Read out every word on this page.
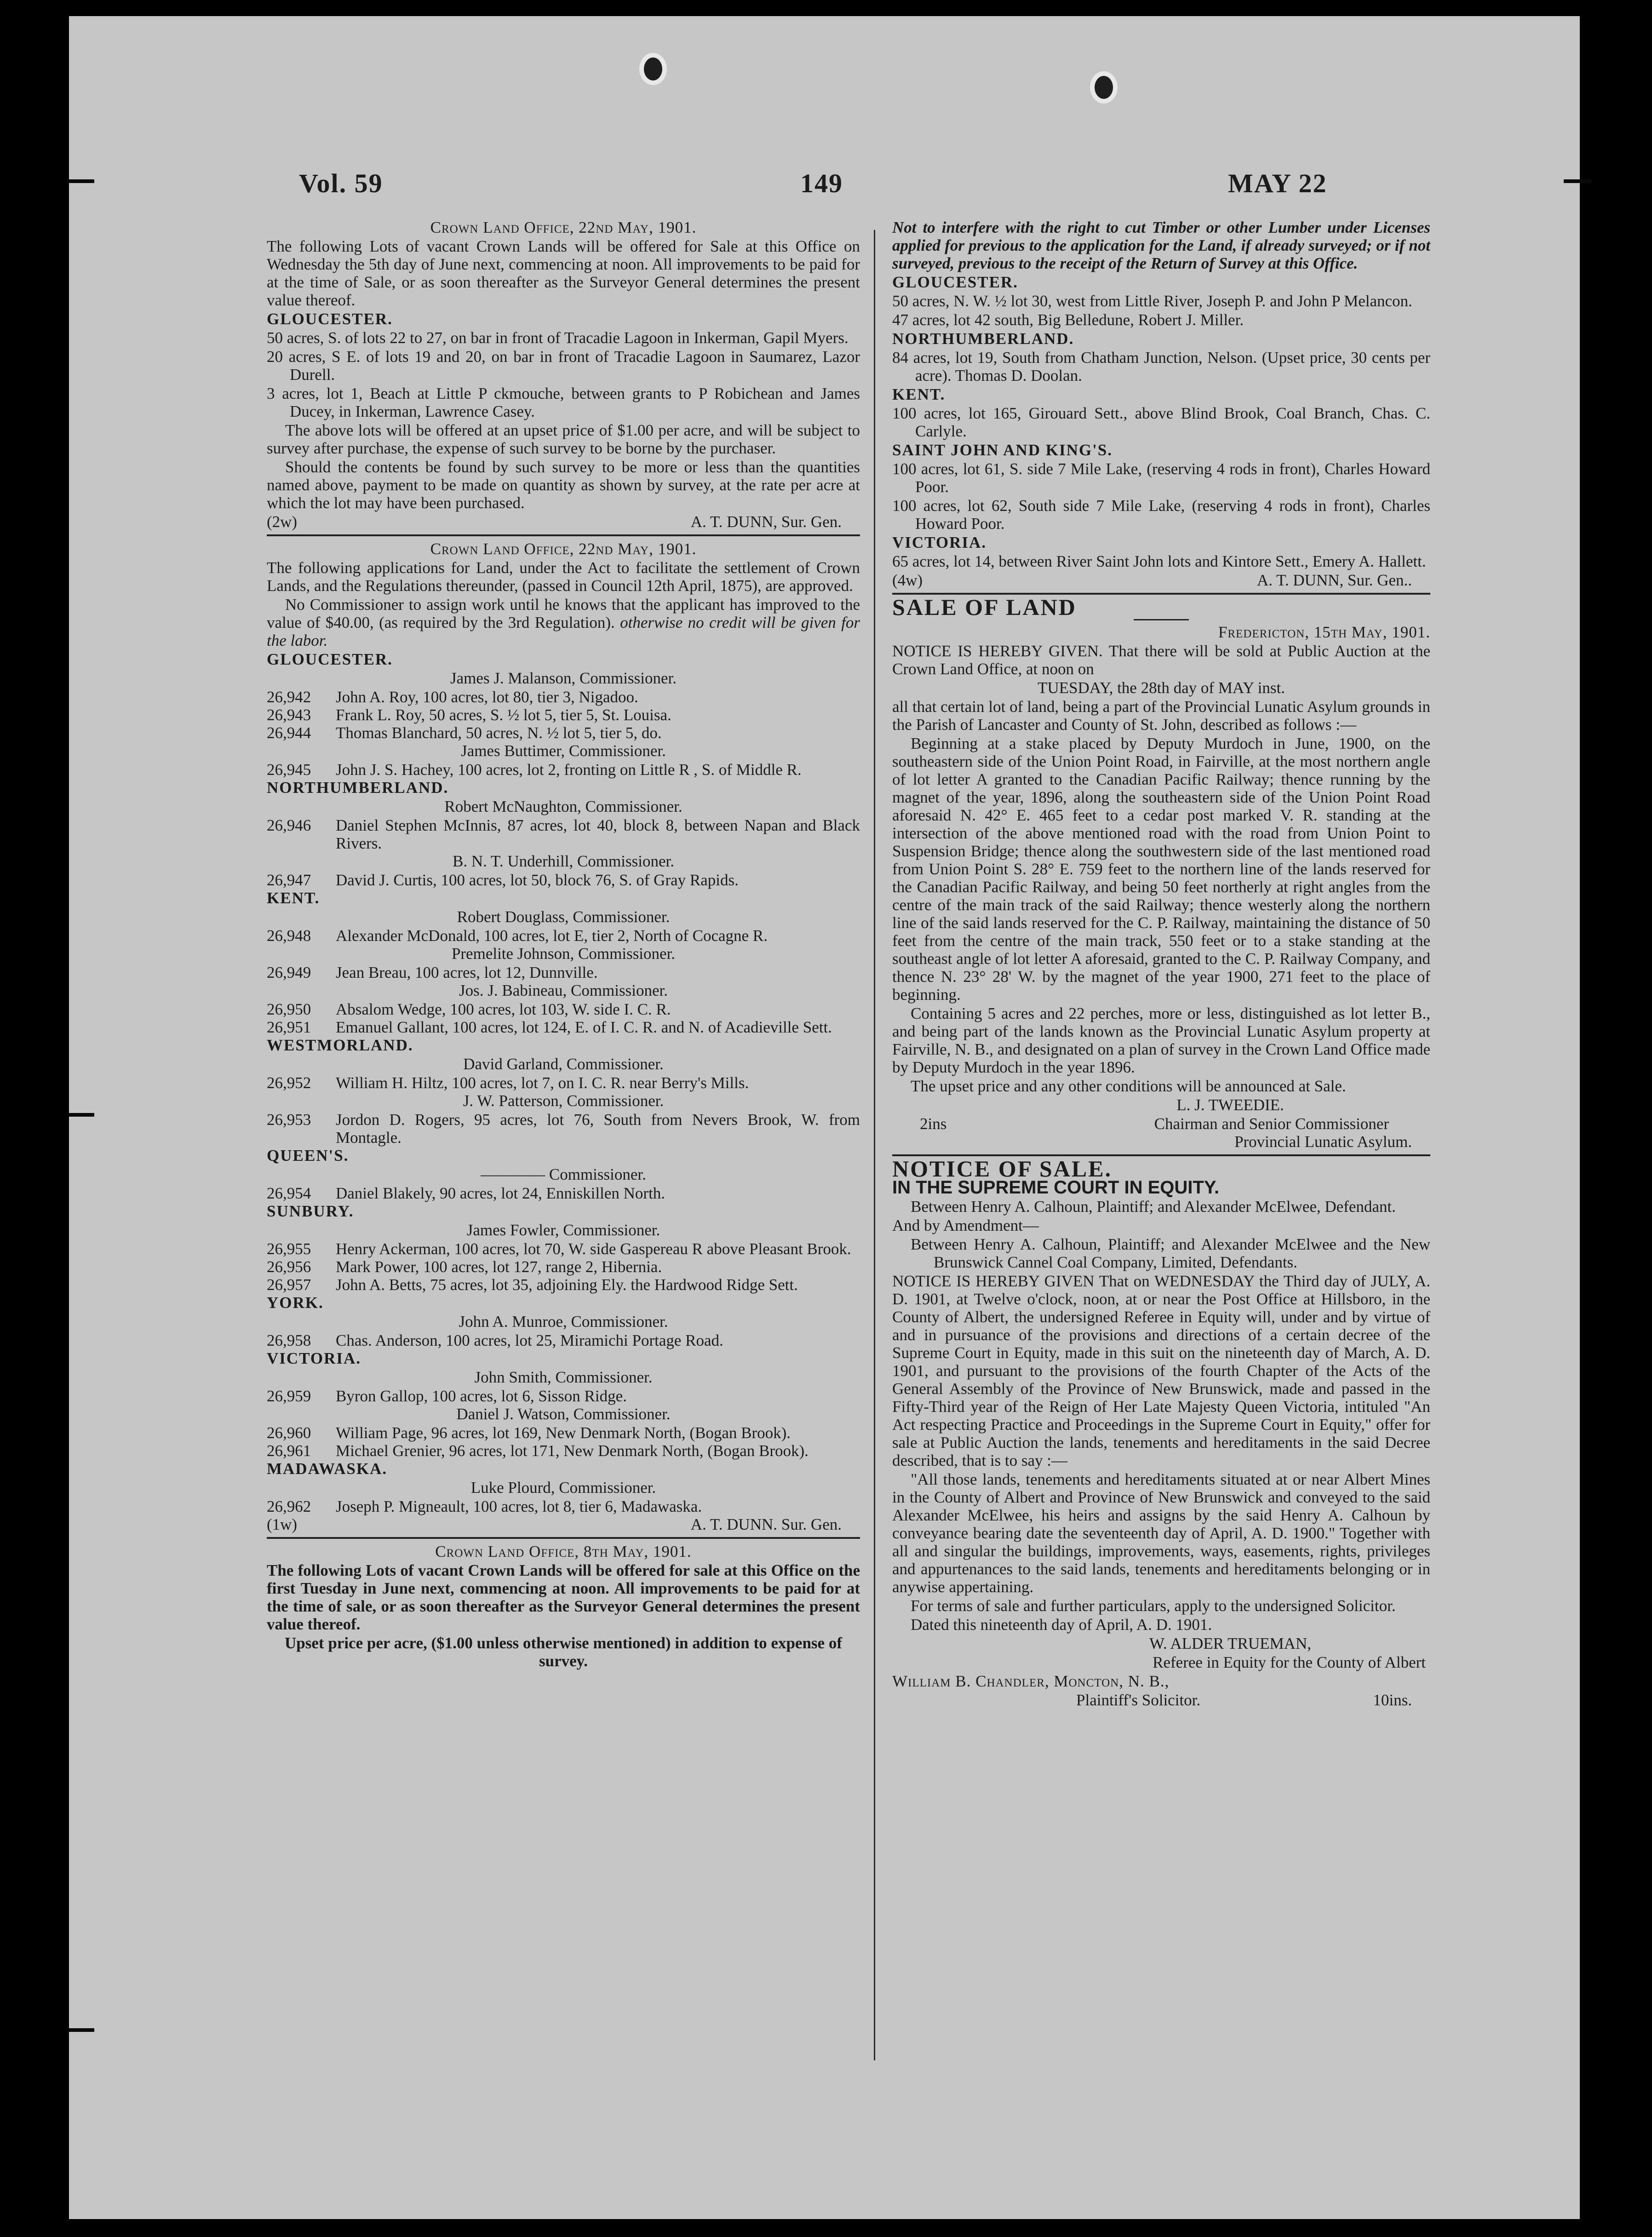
Vol. 59	149	MAY 22

Crown Land Office, 22nd May, 1901.

The following Lots of vacant Crown Lands will be offered for Sale at this Office on Wednesday the 5th day of June next, commencing at noon. All improvements to be paid for at the time of Sale, or as soon thereafter as the Surveyor General determines the present value thereof.

GLOUCESTER.

50 acres, S. of lots 22 to 27, on bar in front of Tracadie Lagoon in Inkerman, Gapil Myers.

20 acres, S E. of lots 19 and 20, on bar in front of Tracadie Lagoon in Saumarez, Lazor Durell.

3 acres, lot 1, Beach at Little P ckmouche, between grants to P Robichean and James Ducey, in Inkerman, Lawrence Casey.

The above lots will be offered at an upset price of $1.00 per acre, and will be subject to survey after purchase, the expense of such survey to be borne by the purchaser.

Should the contents be found by such survey to be more or less than the quantities named above, payment to be made on quantity as shown by survey, at the rate per acre at which the lot may have been purchased.

(2w)	A. T. DUNN, Sur. Gen.

Crown Land Office, 22nd May, 1901.

The following applications for Land, under the Act to facilitate the settlement of Crown Lands, and the Regulations thereunder, (passed in Council 12th April, 1875), are approved.

No Commissioner to assign work until he knows that the applicant has improved to the value of $40.00, (as required by the 3rd Regulation). otherwise no credit will be given for the labor.

GLOUCESTER.

James J. Malanson, Commissioner.

26,942	John A. Roy, 100 acres, lot 80, tier 3, Nigadoo.
26,943	Frank L. Roy, 50 acres, S. ½ lot 5, tier 5, St. Louisa.
26,944	Thomas Blanchard, 50 acres, N. ½ lot 5, tier 5, do.

James Buttimer, Commissioner.

26,945	John J. S. Hachey, 100 acres, lot 2, fronting on Little R , S. of Middle R.

NORTHUMBERLAND.

Robert McNaughton, Commissioner.

26,946	Daniel Stephen McInnis, 87 acres, lot 40, block 8, between Napan and Black Rivers.

B. N. T. Underhill, Commissioner.

26,947	David J. Curtis, 100 acres, lot 50, block 76, S. of Gray Rapids.

KENT.

Robert Douglass, Commissioner.

26,948	Alexander McDonald, 100 acres, lot E, tier 2, North of Cocagne R.

Premelite Johnson, Commissioner.

26,949	Jean Breau, 100 acres, lot 12, Dunnville.

Jos. J. Babineau, Commissioner.

26,950	Absalom Wedge, 100 acres, lot 103, W. side I. C. R.
26,951	Emanuel Gallant, 100 acres, lot 124, E. of I. C. R. and N. of Acadieville Sett.

WESTMORLAND.

David Garland, Commissioner.

26,952	William H. Hiltz, 100 acres, lot 7, on I. C. R. near Berry's Mills.

J. W. Patterson, Commissioner.

26,953	Jordon D. Rogers, 95 acres, lot 76, South from Nevers Brook, W. from Montagle.

QUEEN'S.

———— Commissioner.

26,954	Daniel Blakely, 90 acres, lot 24, Enniskillen North.

SUNBURY.

James Fowler, Commissioner.

26,955	Henry Ackerman, 100 acres, lot 70, W. side Gaspereau R above Pleasant Brook.
26,956	Mark Power, 100 acres, lot 127, range 2, Hibernia.
26,957	John A. Betts, 75 acres, lot 35, adjoining Ely. the Hardwood Ridge Sett.

YORK.

John A. Munroe, Commissioner.

26,958	Chas. Anderson, 100 acres, lot 25, Miramichi Portage Road.

VICTORIA.

John Smith, Commissioner.

26,959	Byron Gallop, 100 acres, lot 6, Sisson Ridge.

Daniel J. Watson, Commissioner.

26,960	William Page, 96 acres, lot 169, New Denmark North, (Bogan Brook).
26,961	Michael Grenier, 96 acres, lot 171, New Denmark North, (Bogan Brook).

MADAWASKA.

Luke Plourd, Commissioner.

26,962	Joseph P. Migneault, 100 acres, lot 8, tier 6, Madawaska.
(1w)	A. T. DUNN. Sur. Gen.

Crown Land Office, 8th May, 1901.

The following Lots of vacant Crown Lands will be offered for sale at this Office on the first Tuesday in June next, commencing at noon. All improvements to be paid for at the time of sale, or as soon thereafter as the Surveyor General determines the present value thereof.

Upset price per acre, ($1.00 unless otherwise mentioned) in addition to expense of survey.

Not to interfere with the right to cut Timber or other Lumber under Licenses applied for previous to the application for the Land, if already surveyed; or if not surveyed, previous to the receipt of the Return of Survey at this Office.

GLOUCESTER.

50 acres, N. W. ½ lot 30, west from Little River, Joseph P. and John P Melancon.

47 acres, lot 42 south, Big Belledune, Robert J. Miller.

NORTHUMBERLAND.

84 acres, lot 19, South from Chatham Junction, Nelson. (Upset price, 30 cents per acre). Thomas D. Doolan.

KENT.

100 acres, lot 165, Girouard Sett., above Blind Brook, Coal Branch, Chas. C. Carlyle.

SAINT JOHN AND KING'S.

100 acres, lot 61, S. side 7 Mile Lake, (reserving 4 rods in front), Charles Howard Poor.

100 acres, lot 62, South side 7 Mile Lake, (reserving 4 rods in front), Charles Howard Poor.

VICTORIA.

65 acres, lot 14, between River Saint John lots and Kintore Sett., Emery A. Hallett.

(4w)	A. T. DUNN, Sur. Gen..

SALE OF LAND

Fredericton, 15th May, 1901.

NOTICE IS HEREBY GIVEN. That there will be sold at Public Auction at the Crown Land Office, at noon on

TUESDAY, the 28th day of MAY inst.

all that certain lot of land, being a part of the Provincial Lunatic Asylum grounds in the Parish of Lancaster and County of St. John, described as follows :—

Beginning at a stake placed by Deputy Murdoch in June, 1900, on the southeastern side of the Union Point Road, in Fairville, at the most northern angle of lot letter A granted to the Canadian Pacific Railway; thence running by the magnet of the year, 1896, along the southeastern side of the Union Point Road aforesaid N. 42° E. 465 feet to a cedar post marked V. R. standing at the intersection of the above mentioned road with the road from Union Point to Suspension Bridge; thence along the southwestern side of the last mentioned road from Union Point S. 28° E. 759 feet to the northern line of the lands reserved for the Canadian Pacific Railway, and being 50 feet northerly at right angles from the centre of the main track of the said Railway; thence westerly along the northern line of the said lands reserved for the C. P. Railway, maintaining the distance of 50 feet from the centre of the main track, 550 feet or to a stake standing at the southeast angle of lot letter A aforesaid, granted to the C. P. Railway Company, and thence N. 23° 28' W. by the magnet of the year 1900, 271 feet to the place of beginning.

Containing 5 acres and 22 perches, more or less, distinguished as lot letter B., and being part of the lands known as the Provincial Lunatic Asylum property at Fairville, N. B., and designated on a plan of survey in the Crown Land Office made by Deputy Murdoch in the year 1896.

The upset price and any other conditions will be announced at Sale.

L. J. TWEEDIE.

2ins	Chairman and Senior Commissioner

Provincial Lunatic Asylum.

NOTICE OF SALE.

IN THE SUPREME COURT IN EQUITY.

Between Henry A. Calhoun, Plaintiff; and Alexander McElwee, Defendant.

And by Amendment—

Between Henry A. Calhoun, Plaintiff; and Alexander McElwee and the New Brunswick Cannel Coal Company, Limited, Defendants.

NOTICE IS HEREBY GIVEN That on WEDNESDAY the Third day of JULY, A. D. 1901, at Twelve o'clock, noon, at or near the Post Office at Hillsboro, in the County of Albert, the undersigned Referee in Equity will, under and by virtue of and in pursuance of the provisions and directions of a certain decree of the Supreme Court in Equity, made in this suit on the nineteenth day of March, A. D. 1901, and pursuant to the provisions of the fourth Chapter of the Acts of the General Assembly of the Province of New Brunswick, made and passed in the Fifty-Third year of the Reign of Her Late Majesty Queen Victoria, intituled "An Act respecting Practice and Proceedings in the Supreme Court in Equity," offer for sale at Public Auction the lands, tenements and hereditaments in the said Decree described, that is to say :—

"All those lands, tenements and hereditaments situated at or near Albert Mines in the County of Albert and Province of New Brunswick and conveyed to the said Alexander McElwee, his heirs and assigns by the said Henry A. Calhoun by conveyance bearing date the seventeenth day of April, A. D. 1900." Together with all and singular the buildings, improvements, ways, easements, rights, privileges and appurtenances to the said lands, tenements and hereditaments belonging or in anywise appertaining.

For terms of sale and further particulars, apply to the undersigned Solicitor.

Dated this nineteenth day of April, A. D. 1901.

W. ALDER TRUEMAN,

Referee in Equity for the County of Albert

William B. Chandler, Moncton, N. B.,

Plaintiff's Solicitor.	10ins.
